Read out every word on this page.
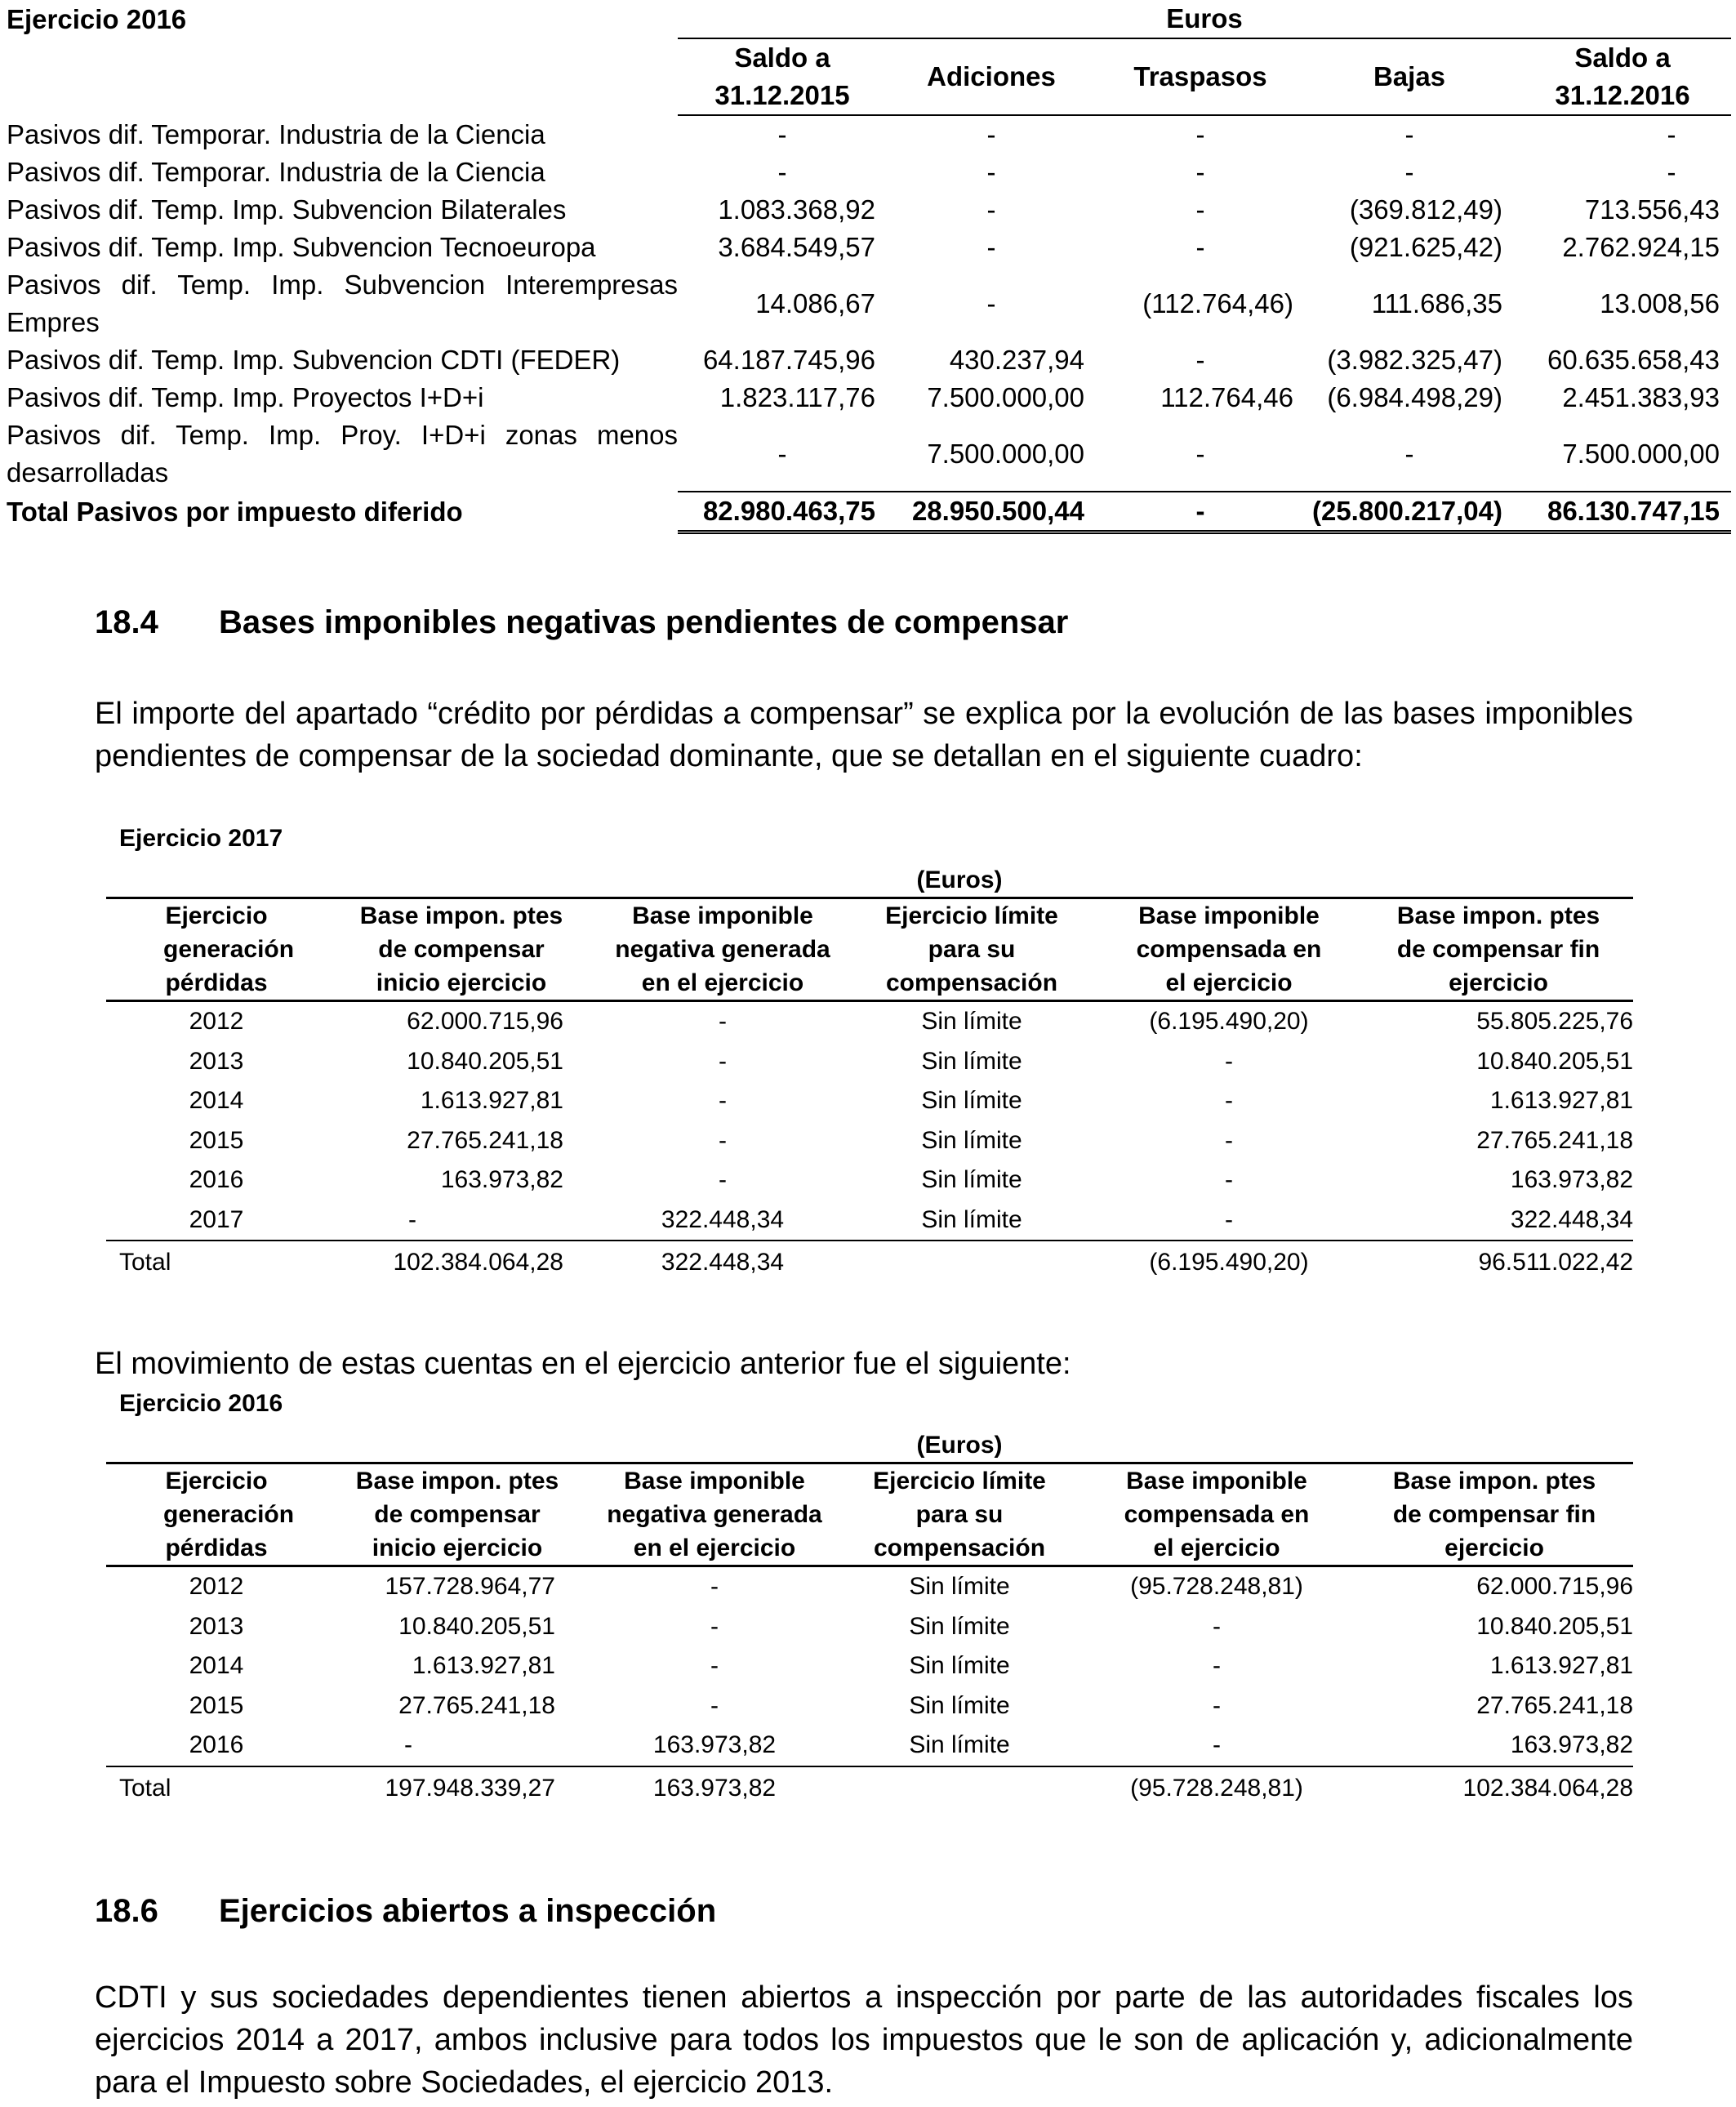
Ejercicio 2016	Euros				
	Saldo a 31.12.2015	Adiciones	Traspasos	Bajas	Saldo a 31.12.2016
Pasivos dif. Temporar. Industria de la Ciencia	-	-	-	-	-
Pasivos dif. Temporar. Industria de la Ciencia	-	-	-	-	-
Pasivos dif. Temp. Imp. Subvencion Bilaterales	1.083.368,92	-	-	(369.812,49)	713.556,43
Pasivos dif. Temp. Imp. Subvencion Tecnoeuropa	3.684.549,57	-	-	(921.625,42)	2.762.924,15
Pasivos dif. Temp. Imp. Subvencion Interempresas Empres	14.086,67	-	(112.764,46)	111.686,35	13.008,56
Pasivos dif. Temp. Imp. Subvencion CDTI (FEDER)	64.187.745,96	430.237,94	-	(3.982.325,47)	60.635.658,43
Pasivos dif. Temp. Imp. Proyectos I+D+i	1.823.117,76	7.500.000,00	112.764,46	(6.984.498,29)	2.451.383,93
Pasivos dif. Temp. Imp. Proy. I+D+i zonas menos desarrolladas	-	7.500.000,00	-	-	7.500.000,00
Total Pasivos por impuesto diferido	82.980.463,75	28.950.500,44	-	(25.800.217,04)	86.130.747,15
18.4 Bases imponibles negativas pendientes de compensar

El importe del apartado “crédito por pérdidas a compensar” se explica por la evolución de las bases imponibles pendientes de compensar de la sociedad dominante, que se detallan en el siguiente cuadro:

Ejercicio 2017
(Euros)					
Ejercicio generación pérdidas	Base impon. ptes de compensar inicio ejercicio	Base imponible negativa generada en el ejercicio	Ejercicio límite para su compensación	Base imponible compensada en el ejercicio	Base impon. ptes de compensar fin ejercicio
2012	62.000.715,96	-	Sin límite	(6.195.490,20)	55.805.225,76
2013	10.840.205,51	-	Sin límite	-	10.840.205,51
2014	1.613.927,81	-	Sin límite	-	1.613.927,81
2015	27.765.241,18	-	Sin límite	-	27.765.241,18
2016	163.973,82	-	Sin límite	-	163.973,82
2017	-	322.448,34	Sin límite	-	322.448,34
Total	102.384.064,28	322.448,34		(6.195.490,20)	96.511.022,42

El movimiento de estas cuentas en el ejercicio anterior fue el siguiente:

Ejercicio 2016
(Euros)					
Ejercicio generación pérdidas	Base impon. ptes de compensar inicio ejercicio	Base imponible negativa generada en el ejercicio	Ejercicio límite para su compensación	Base imponible compensada en el ejercicio	Base impon. ptes de compensar fin ejercicio
2012	157.728.964,77	-	Sin límite	(95.728.248,81)	62.000.715,96
2013	10.840.205,51	-	Sin límite	-	10.840.205,51
2014	1.613.927,81	-	Sin límite	-	1.613.927,81
2015	27.765.241,18	-	Sin límite	-	27.765.241,18
2016	-	163.973,82	Sin límite	-	163.973,82
Total	197.948.339,27	163.973,82		(95.728.248,81)	102.384.064,28
18.6 Ejercicios abiertos a inspección

CDTI y sus sociedades dependientes tienen abiertos a inspección por parte de las autoridades fiscales los ejercicios 2014 a 2017, ambos inclusive para todos los impuestos que le son de aplicación y, adicionalmente para el Impuesto sobre Sociedades, el ejercicio 2013.
